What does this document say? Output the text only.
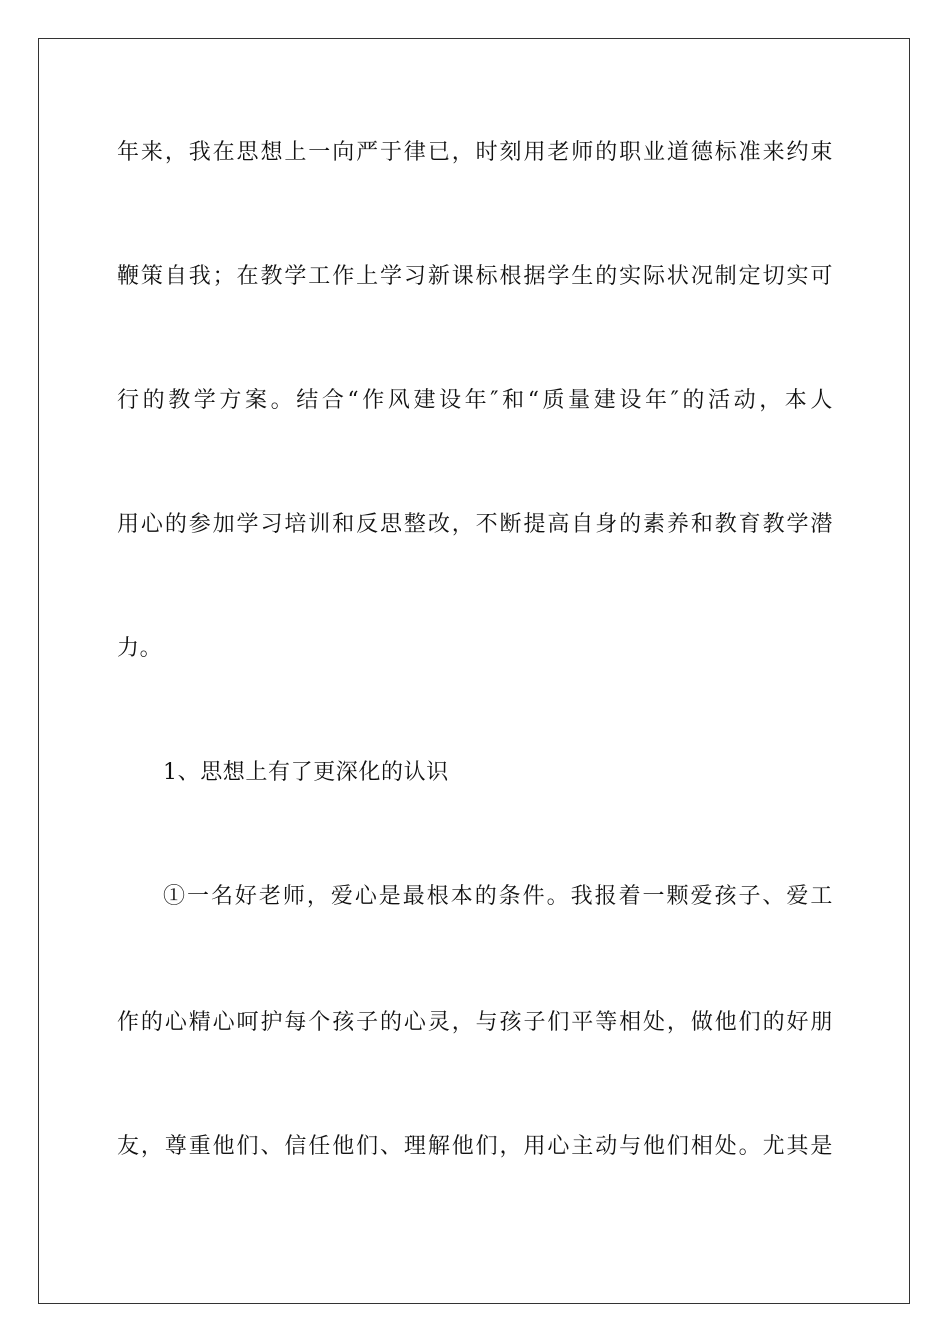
年来，我在思想上一向严于律已，时刻用老师的职业道德标准来约束
鞭策自我；在教学工作上学习新课标根据学生的实际状况制定切实可
行的教学方案。结合“作风建设年″和“质量建设年″的活动，本人
用心的参加学习培训和反思整改，不断提高自身的素养和教育教学潜
力。
1、思想上有了更深化的认识
①一名好老师，爱心是最根本的条件。我报着一颗爱孩子、爱工
作的心精心呵护每个孩子的心灵，与孩子们平等相处，做他们的好朋
友，尊重他们、信任他们、理解他们，用心主动与他们相处。尤其是
